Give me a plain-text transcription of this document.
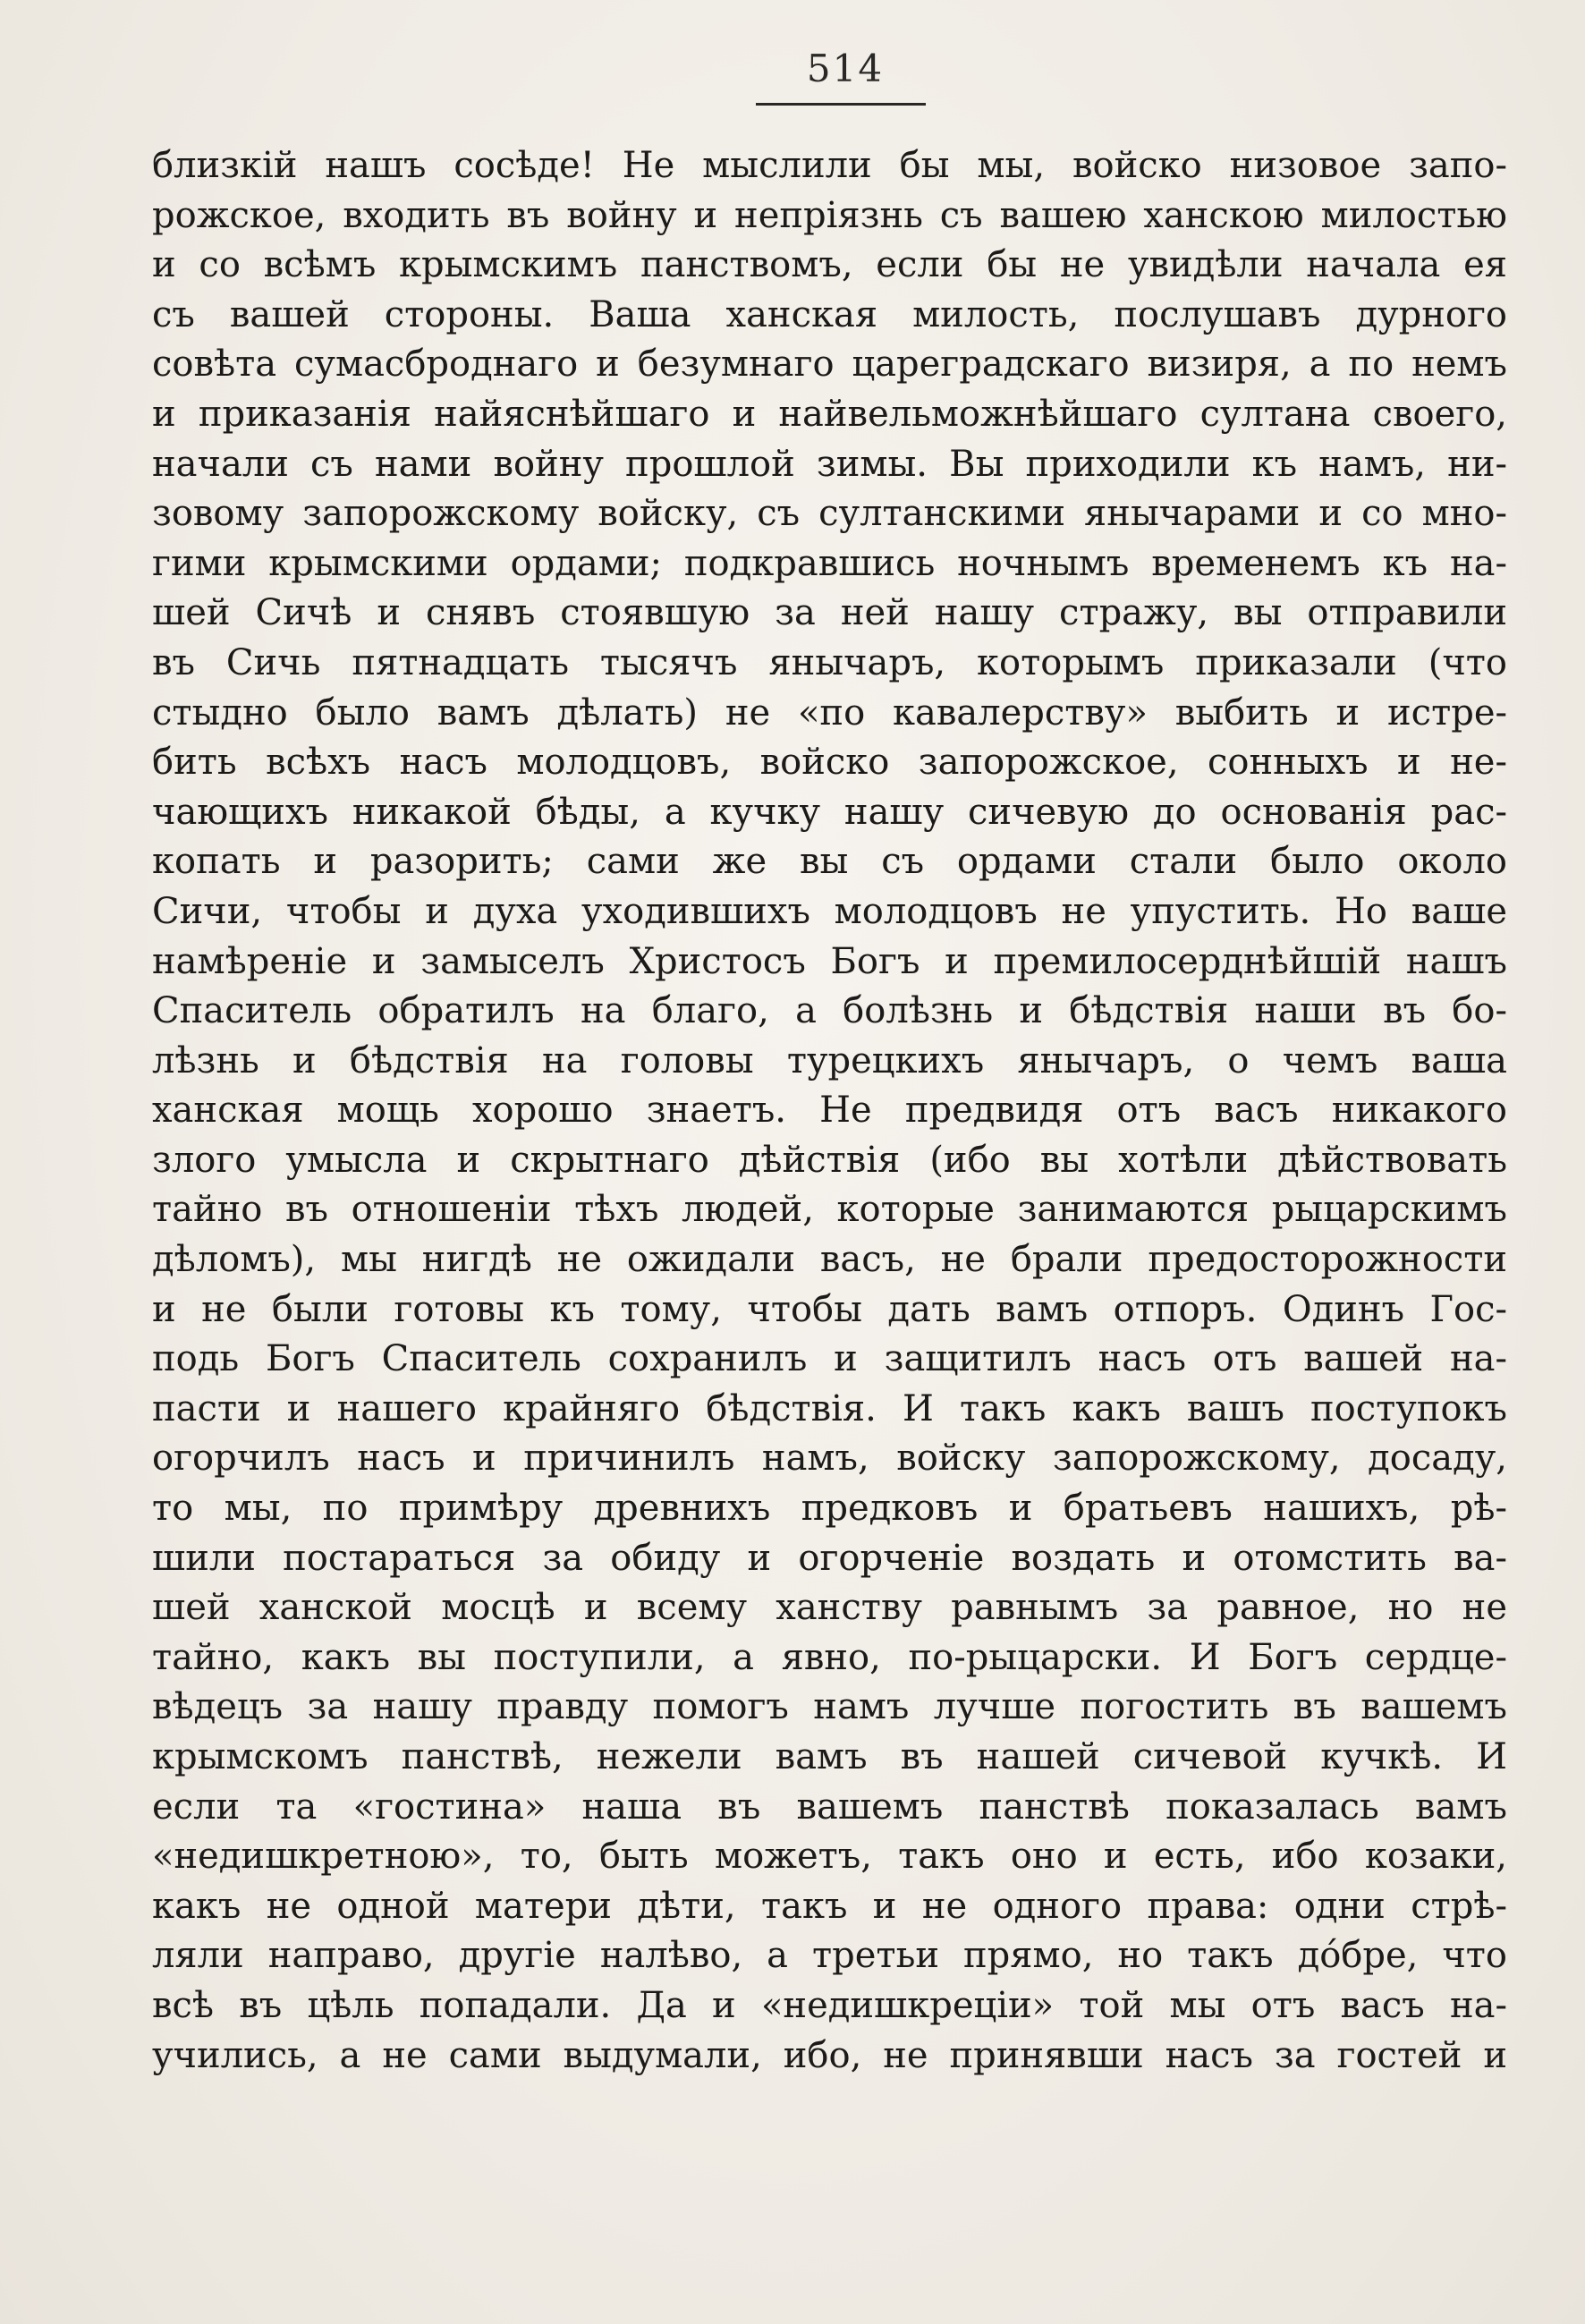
514
близкій нашъ сосѣде! Не мыслили бы мы, войско низовое запо-
рожское, входить въ войну и непріязнь съ вашею ханскою милостью
и со всѣмъ крымскимъ панствомъ, если бы не увидѣли начала ея
съ вашей стороны. Ваша ханская милость, послушавъ дурного
совѣта сумасброднаго и безумнаго цареградскаго визиря, а по немъ
и приказанія найяснѣйшаго и найвельможнѣйшаго султана своего,
начали съ нами войну прошлой зимы. Вы приходили къ намъ, ни-
зовому запорожскому войску, съ султанскими янычарами и со мно-
гими крымскими ордами; подкравшись ночнымъ временемъ къ на-
шей Сичѣ и снявъ стоявшую за ней нашу стражу, вы отправили
въ Сичь пятнадцать тысячъ янычаръ, которымъ приказали (что
стыдно было вамъ дѣлать) не «по кавалерству» выбить и истре-
бить всѣхъ насъ молодцовъ, войско запорожское, сонныхъ и не-
чающихъ никакой бѣды, а кучку нашу сичевую до основанія рас-
копать и разорить; сами же вы съ ордами стали было около
Сичи, чтобы и духа уходившихъ молодцовъ не упустить. Но ваше
намѣреніе и замыселъ Христосъ Богъ и премилосерднѣйшій нашъ
Спаситель обратилъ на благо, а болѣзнь и бѣдствія наши въ бо-
лѣзнь и бѣдствія на головы турецкихъ янычаръ, о чемъ ваша
ханская мощь хорошо знаетъ. Не предвидя отъ васъ никакого
злого умысла и скрытнаго дѣйствія (ибо вы хотѣли дѣйствовать
тайно въ отношеніи тѣхъ людей, которые занимаются рыцарскимъ
дѣломъ), мы нигдѣ не ожидали васъ, не брали предосторожности
и не были готовы къ тому, чтобы дать вамъ отпоръ. Одинъ Гос-
подь Богъ Спаситель сохранилъ и защитилъ насъ отъ вашей на-
пасти и нашего крайняго бѣдствія. И такъ какъ вашъ поступокъ
огорчилъ насъ и причинилъ намъ, войску запорожскому, досаду,
то мы, по примѣру древнихъ предковъ и братьевъ нашихъ, рѣ-
шили постараться за обиду и огорченіе воздать и отомстить ва-
шей ханской мосцѣ и всему ханству равнымъ за равное, но не
тайно, какъ вы поступили, а явно, по-рыцарски. И Богъ сердце-
вѣдецъ за нашу правду помогъ намъ лучше погостить въ вашемъ
крымскомъ панствѣ, нежели вамъ въ нашей сичевой кучкѣ. И
если та «гостина» наша въ вашемъ панствѣ показалась вамъ
«недишкретною», то, быть можетъ, такъ оно и есть, ибо козаки,
какъ не одной матери дѣти, такъ и не одного права: одни стрѣ-
ляли направо, другіе налѣво, а третьи прямо, но такъ дóбре, что
всѣ въ цѣль попадали. Да и «недишкреціи» той мы отъ васъ на-
учились, а не сами выдумали, ибо, не принявши насъ за гостей и
